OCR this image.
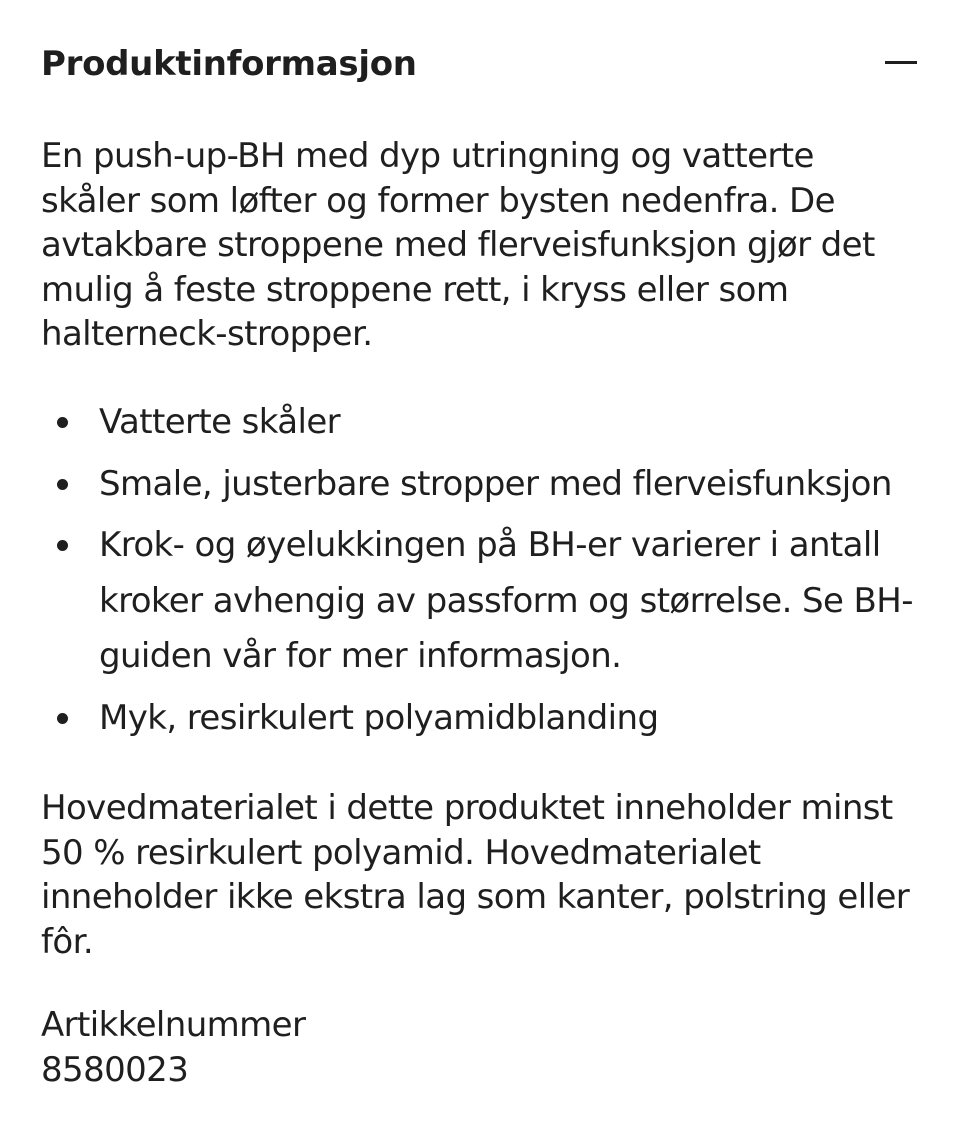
Produktinformasjon

En push-up-BH med dyp utringning og vatterte skåler som løfter og former bysten nedenfra. De avtakbare stroppene med flerveisfunksjon gjør det mulig å feste stroppene rett, i kryss eller som halterneck-stropper.

Vatterte skåler
Smale, justerbare stropper med flerveisfunksjon
Krok- og øyelukkingen på BH-er varierer i antall kroker avhengig av passform og størrelse. Se BH-guiden vår for mer informasjon.
Myk, resirkulert polyamidblanding

Hovedmaterialet i dette produktet inneholder minst 50 % resirkulert polyamid. Hovedmaterialet inneholder ikke ekstra lag som kanter, polstring eller fôr.

Artikkelnummer
8580023
